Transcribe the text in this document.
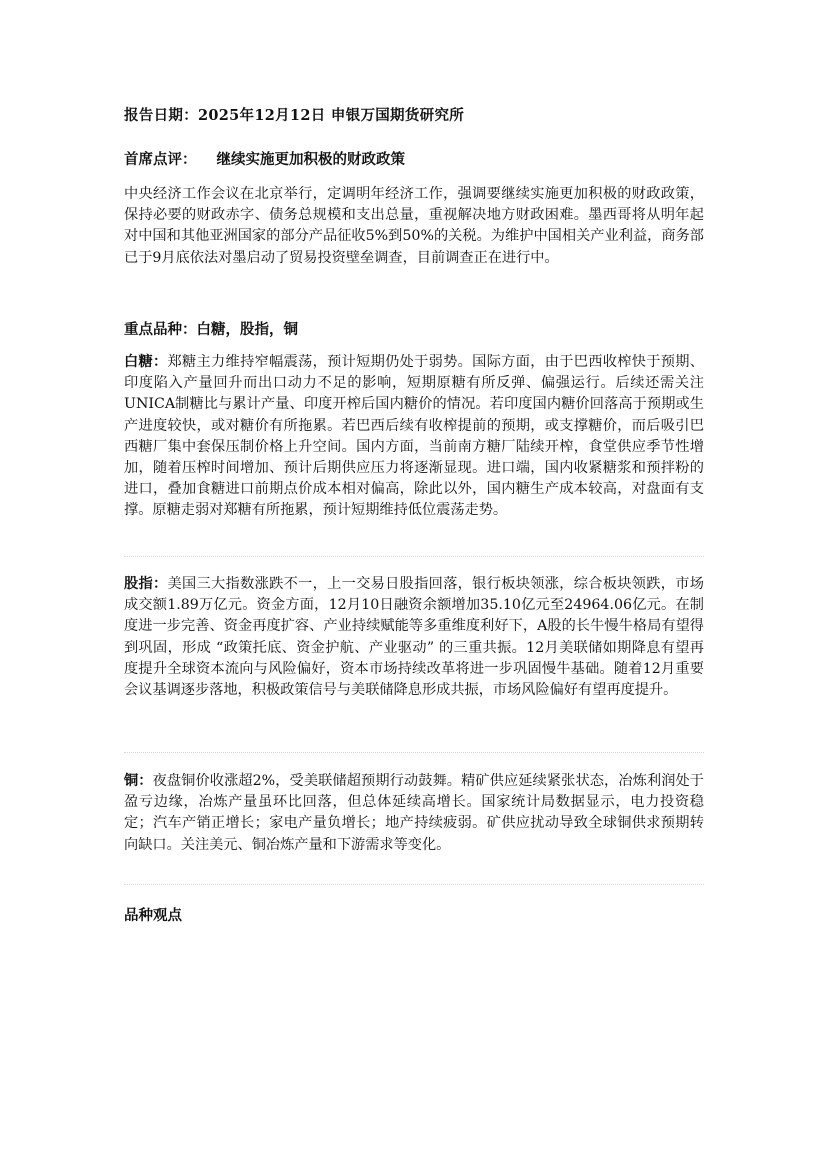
报告日期：2025年12月12日 申银万国期货研究所
首席点评： 继续实施更加积极的财政政策
中央经济工作会议在北京举行，定调明年经济工作，强调要继续实施更加积极的财政政策，保持必要的财政赤字、债务总规模和支出总量，重视解决地方财政困难。墨西哥将从明年起对中国和其他亚洲国家的部分产品征收5%到50%的关税。为维护中国相关产业利益，商务部已于9月底依法对墨启动了贸易投资壁垒调查，目前调查正在进行中。
重点品种：白糖，股指，铜
白糖：郑糖主力维持窄幅震荡，预计短期仍处于弱势。国际方面，由于巴西收榨快于预期、印度陷入产量回升而出口动力不足的影响，短期原糖有所反弹、偏强运行。后续还需关注UNICA制糖比与累计产量、印度开榨后国内糖价的情况。若印度国内糖价回落高于预期或生产进度较快，或对糖价有所拖累。若巴西后续有收榨提前的预期，或支撑糖价，而后吸引巴西糖厂集中套保压制价格上升空间。国内方面，当前南方糖厂陆续开榨，食堂供应季节性增加，随着压榨时间增加、预计后期供应压力将逐渐显现。进口端，国内收紧糖浆和预拌粉的进口，叠加食糖进口前期点价成本相对偏高，除此以外，国内糖生产成本较高，对盘面有支撑。原糖走弱对郑糖有所拖累，预计短期维持低位震荡走势。
股指：美国三大指数涨跌不一，上一交易日股指回落，银行板块领涨，综合板块领跌，市场成交额1.89万亿元。资金方面，12月10日融资余额增加35.10亿元至24964.06亿元。在制度进一步完善、资金再度扩容、产业持续赋能等多重维度利好下，A股的长牛慢牛格局有望得到巩固，形成 “政策托底、资金护航、产业驱动” 的三重共振。12月美联储如期降息有望再度提升全球资本流向与风险偏好，资本市场持续改革将进一步巩固慢牛基础。随着12月重要会议基调逐步落地，积极政策信号与美联储降息形成共振，市场风险偏好有望再度提升。
铜：夜盘铜价收涨超2%，受美联储超预期行动鼓舞。精矿供应延续紧张状态，冶炼利润处于盈亏边缘，冶炼产量虽环比回落，但总体延续高增长。国家统计局数据显示，电力投资稳定；汽车产销正增长；家电产量负增长；地产持续疲弱。矿供应扰动导致全球铜供求预期转向缺口。关注美元、铜冶炼产量和下游需求等变化。
品种观点
